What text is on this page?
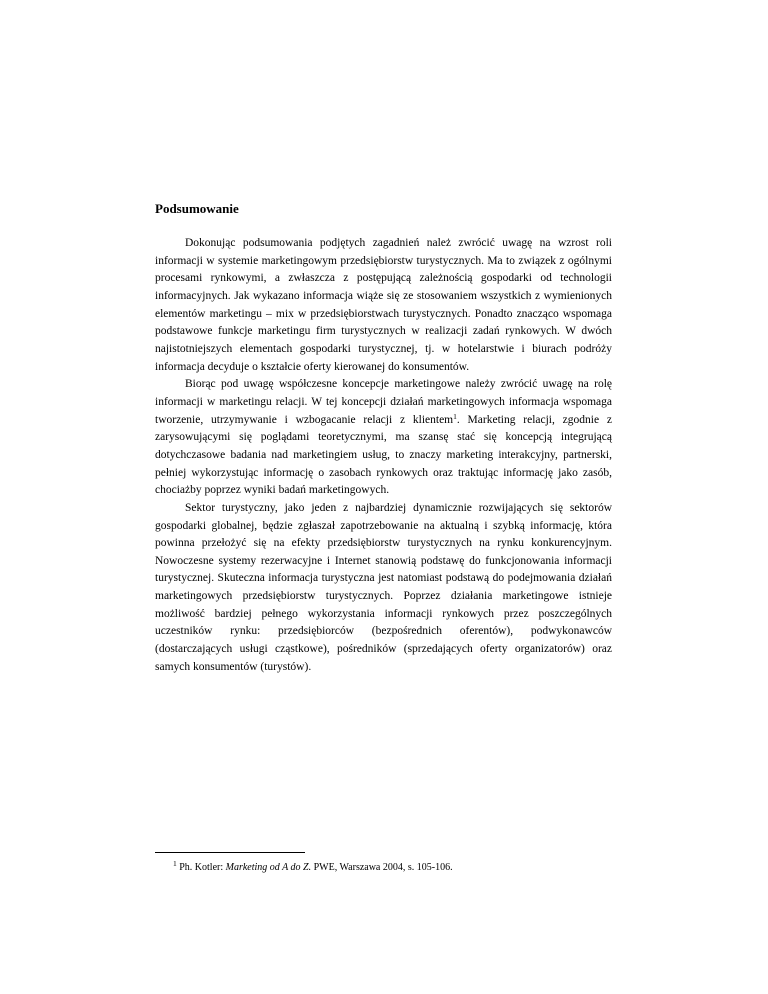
Podsumowanie

Dokonując podsumowania podjętych zagadnień należ zwrócić uwagę na wzrost roli informacji w systemie marketingowym przedsiębiorstw turystycznych. Ma to związek z ogólnymi procesami rynkowymi, a zwłaszcza z postępującą zależnością gospodarki od technologii informacyjnych. Jak wykazano informacja wiąże się ze stosowaniem wszystkich z wymienionych elementów marketingu – mix w przedsiębiorstwach turystycznych. Ponadto znacząco wspomaga podstawowe funkcje marketingu firm turystycznych w realizacji zadań rynkowych. W dwóch najistotniejszych elementach gospodarki turystycznej, tj. w hotelarstwie i biurach podróży informacja decyduje o kształcie oferty kierowanej do konsumentów.

Biorąc pod uwagę współczesne koncepcje marketingowe należy zwrócić uwagę na rolę informacji w marketingu relacji. W tej koncepcji działań marketingowych informacja wspomaga tworzenie, utrzymywanie i wzbogacanie relacji z klientem$^1$. Marketing relacji, zgodnie z zarysowującymi się poglądami teoretycznymi, ma szansę stać się koncepcją integrującą dotychczasowe badania nad marketingiem usług, to znaczy marketing interakcyjny, partnerski, pełniej wykorzystując informację o zasobach rynkowych oraz traktując informację jako zasób, chociażby poprzez wyniki badań marketingowych.

Sektor turystyczny, jako jeden z najbardziej dynamicznie rozwijających się sektorów gospodarki globalnej, będzie zgłaszał zapotrzebowanie na aktualną i szybką informację, która powinna przełożyć się na efekty przedsiębiorstw turystycznych na rynku konkurencyjnym. Nowoczesne systemy rezerwacyjne i Internet stanowią podstawę do funkcjonowania informacji turystycznej. Skuteczna informacja turystyczna jest natomiast podstawą do podejmowania działań marketingowych przedsiębiorstw turystycznych. Poprzez działania marketingowe istnieje możliwość bardziej pełnego wykorzystania informacji rynkowych przez poszczególnych uczestników rynku: przedsiębiorców (bezpośrednich oferentów), podwykonawców (dostarczających usługi cząstkowe), pośredników (sprzedających oferty organizatorów) oraz samych konsumentów (turystów).

$^1$ Ph. Kotler: Marketing od A do Z. PWE, Warszawa 2004, s. 105-106.
